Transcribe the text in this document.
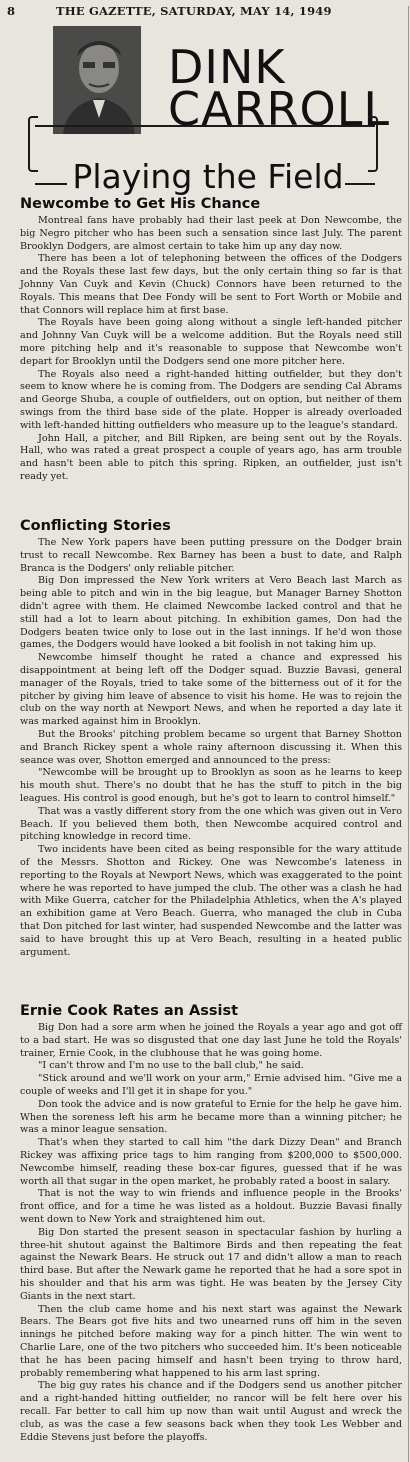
8	THE GAZETTE, SATURDAY, MAY 14, 1949
DINK
CARROLL
Playing the Field
Newcombe to Get His Chance

Montreal fans have probably had their last peek at Don Newcombe, the big Negro pitcher who has been such a sensation since last July. The parent Brooklyn Dodgers, are almost certain to take him up any day now.

There has been a lot of telephoning between the offices of the Dodgers and the Royals these last few days, but the only certain thing so far is that Johnny Van Cuyk and Kevin (Chuck) Connors have been returned to the Royals. This means that Dee Fondy will be sent to Fort Worth or Mobile and that Connors will replace him at first base.

The Royals have been going along without a single left-handed pitcher and Johnny Van Cuyk will be a welcome addition. But the Royals need still more pitching help and it's reasonable to suppose that Newcombe won't depart for Brooklyn until the Dodgers send one more pitcher here.

The Royals also need a right-handed hitting outfielder, but they don't seem to know where he is coming from. The Dodgers are sending Cal Abrams and George Shuba, a couple of outfielders, out on option, but neither of them swings from the third base side of the plate. Hopper is already overloaded with left-handed hitting outfielders who measure up to the league's standard.

John Hall, a pitcher, and Bill Ripken, are being sent out by the Royals. Hall, who was rated a great prospect a couple of years ago, has arm trouble and hasn't been able to pitch this spring. Ripken, an outfielder, just isn't ready yet.

Conflicting Stories

The New York papers have been putting pressure on the Dodger brain trust to recall Newcombe. Rex Barney has been a bust to date, and Ralph Branca is the Dodgers' only reliable pitcher.

Big Don impressed the New York writers at Vero Beach last March as being able to pitch and win in the big league, but Manager Barney Shotton didn't agree with them. He claimed Newcombe lacked control and that he still had a lot to learn about pitching. In exhibition games, Don had the Dodgers beaten twice only to lose out in the last innings. If he'd won those games, the Dodgers would have looked a bit foolish in not taking him up.

Newcombe himself thought he rated a chance and expressed his disappointment at being left off the Dodger squad. Buzzie Bavasi, general manager of the Royals, tried to take some of the bitterness out of it for the pitcher by giving him leave of absence to visit his home. He was to rejoin the club on the way north at Newport News, and when he reported a day late it was marked against him in Brooklyn.

But the Brooks' pitching problem became so urgent that Barney Shotton and Branch Rickey spent a whole rainy afternoon discussing it. When this seance was over, Shotton emerged and announced to the press:

"Newcombe will be brought up to Brooklyn as soon as he learns to keep his mouth shut. There's no doubt that he has the stuff to pitch in the big leagues. His control is good enough, but he's got to learn to control himself."

That was a vastly different story from the one which was given out in Vero Beach. If you believed them both, then Newcombe acquired control and pitching knowledge in record time.

Two incidents have been cited as being responsible for the wary attitude of the Messrs. Shotton and Rickey. One was Newcombe's lateness in reporting to the Royals at Newport News, which was exaggerated to the point where he was reported to have jumped the club. The other was a clash he had with Mike Guerra, catcher for the Philadelphia Athletics, when the A's played an exhibition game at Vero Beach. Guerra, who managed the club in Cuba that Don pitched for last winter, had suspended Newcombe and the latter was said to have brought this up at Vero Beach, resulting in a heated public argument.

Ernie Cook Rates an Assist

Big Don had a sore arm when he joined the Royals a year ago and got off to a bad start. He was so disgusted that one day last June he told the Royals' trainer, Ernie Cook, in the clubhouse that he was going home.

"I can't throw and I'm no use to the ball club," he said.

"Stick around and we'll work on your arm," Ernie advised him. "Give me a couple of weeks and I'll get it in shape for you."

Don took the advice and is now grateful to Ernie for the help he gave him. When the soreness left his arm he became more than a winning pitcher; he was a minor league sensation.

That's when they started to call him "the dark Dizzy Dean" and Branch Rickey was affixing price tags to him ranging from $200,000 to $500,000. Newcombe himself, reading these box-car figures, guessed that if he was worth all that sugar in the open market, he probably rated a boost in salary.

That is not the way to win friends and influence people in the Brooks' front office, and for a time he was listed as a holdout. Buzzie Bavasi finally went down to New York and straightened him out.

Big Don started the present season in spectacular fashion by hurling a three-hit shutout against the Baltimore Birds and then repeating the feat against the Newark Bears. He struck out 17 and didn't allow a man to reach third base. But after the Newark game he reported that he had a sore spot in his shoulder and that his arm was tight. He was beaten by the Jersey City Giants in the next start.

Then the club came home and his next start was against the Newark Bears. The Bears got five hits and two unearned runs off him in the seven innings he pitched before making way for a pinch hitter. The win went to Charlie Lare, one of the two pitchers who succeeded him. It's been noticeable that he has been pacing himself and hasn't been trying to throw hard, probably remembering what happened to his arm last spring.

The big guy rates his chance and if the Dodgers send us another pitcher and a right-handed hitting outfielder, no rancor will be felt here over his recall. Far better to call him up now than wait until August and wreck the club, as was the case a few seasons back when they took Les Webber and Eddie Stevens just before the playoffs.
